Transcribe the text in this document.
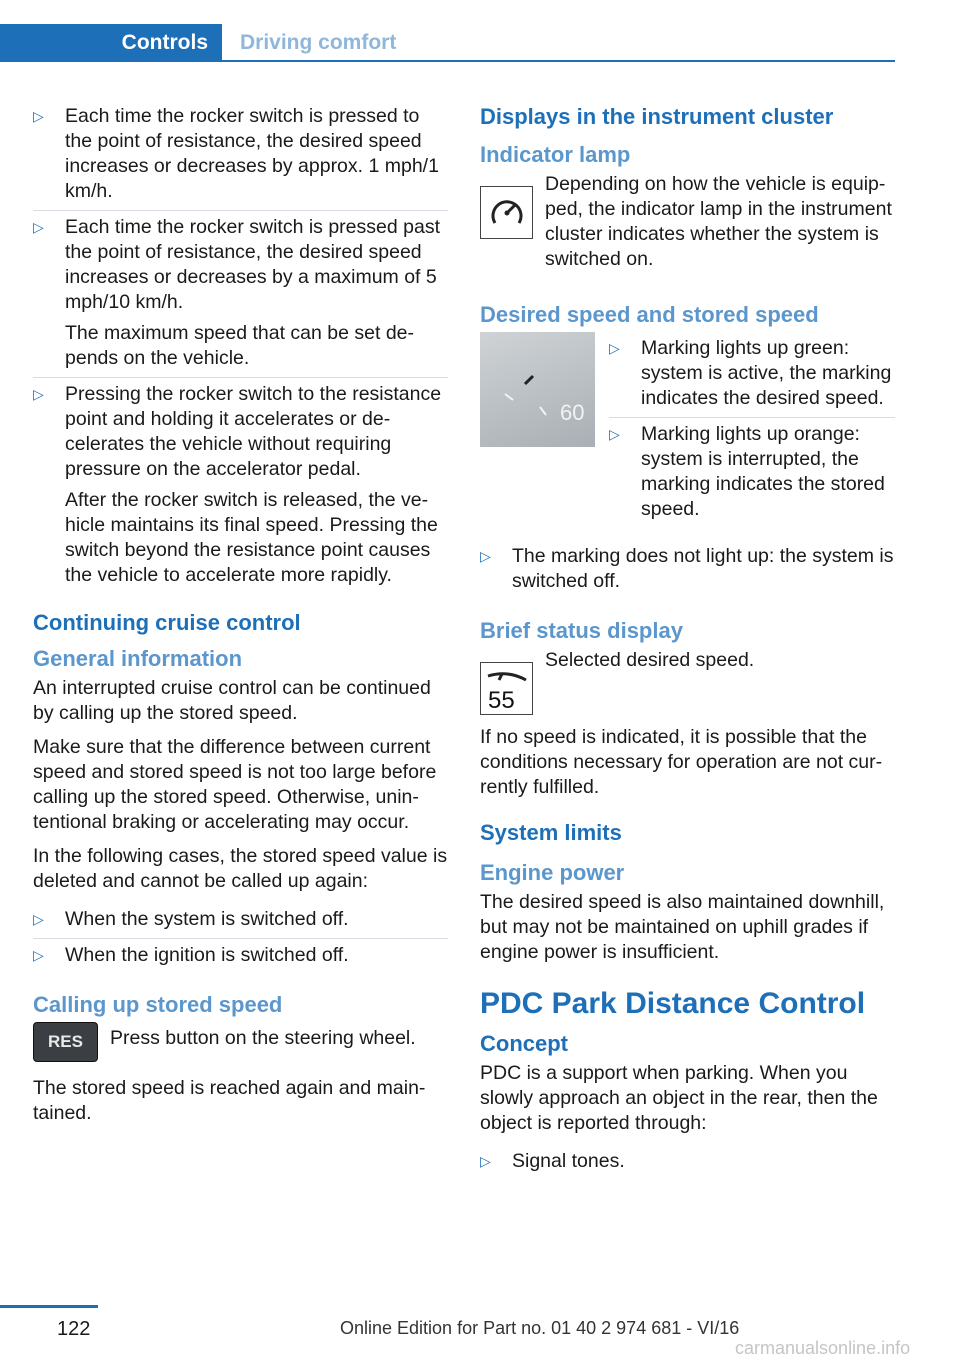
Controls	Driving comfort
▷	Each time the rocker switch is pressed to the point of resistance, the desired speed increases or decreases by approx. 1 mph/1 km/h.

▷	Each time the rocker switch is pressed past the point of resistance, the desired speed increases or decreases by a maximum of 5 mph/10 km/h.

The maximum speed that can be set depends on the vehicle.

▷	Pressing the rocker switch to the resistance point and holding it accelerates or decelerates the vehicle without requiring pressure on the accelerator pedal.

After the rocker switch is released, the vehicle maintains its final speed. Pressing the switch beyond the resistance point causes the vehicle to accelerate more rapidly.

Continuing cruise control
General information

An interrupted cruise control can be continued by calling up the stored speed.

Make sure that the difference between current speed and stored speed is not too large before calling up the stored speed. Otherwise, unintentional braking or accelerating may occur.

In the following cases, the stored speed value is deleted and cannot be called up again:

▷	When the system is switched off.

▷	When the ignition is switched off.

Calling up stored speed
RES	Press button on the steering wheel.

The stored speed is reached again and maintained.

Displays in the instrument cluster
Indicator lamp

Depending on how the vehicle is equipped, the indicator lamp in the instrument cluster indicates whether the system is switched on.

Desired speed and stored speed
60
▷	Marking lights up green: system is active, the marking indicates the desired speed.

▷	Marking lights up orange: system is interrupted, the marking indicates the stored speed.

▷	The marking does not light up: the system is switched off.

Brief status display
55

Selected desired speed.

If no speed is indicated, it is possible that the conditions necessary for operation are not currently fulfilled.

System limits
Engine power

The desired speed is also maintained downhill, but may not be maintained on uphill grades if engine power is insufficient.

PDC Park Distance Control
Concept

PDC is a support when parking. When you slowly approach an object in the rear, then the object is reported through:

▷	Signal tones.

122	Online Edition for Part no. 01 40 2 974 681 - VI/16
carmanualsonline.info
